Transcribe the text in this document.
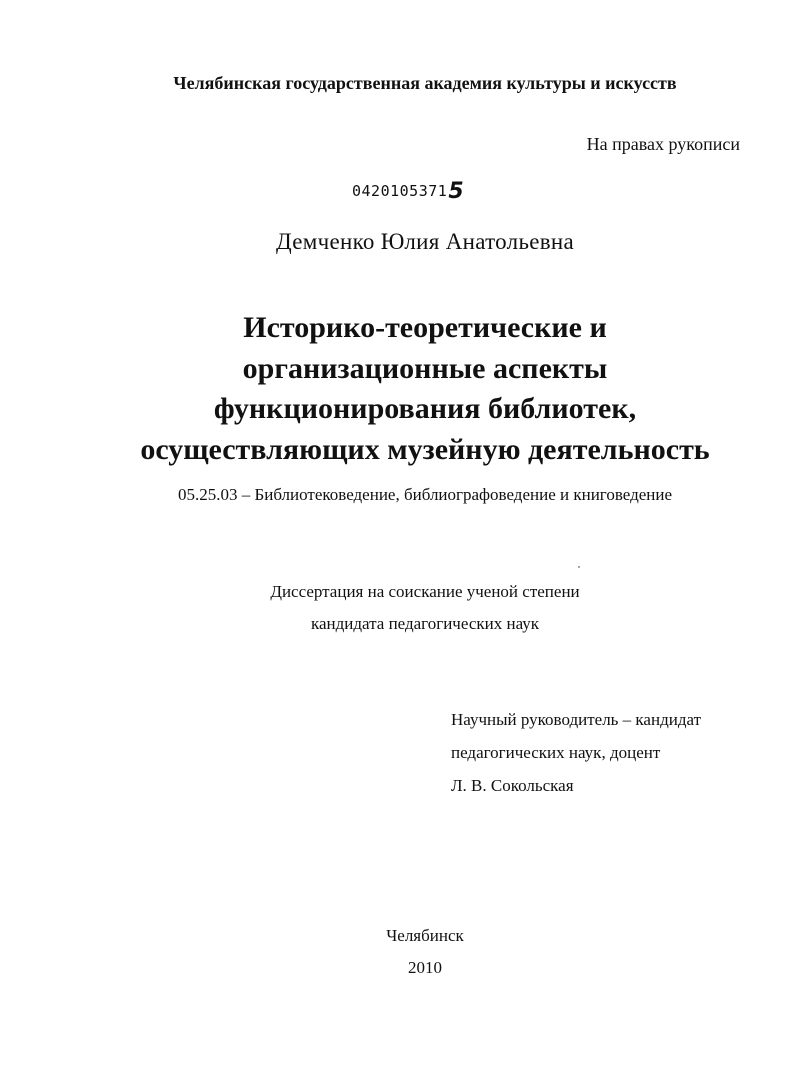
Челябинская государственная академия культуры и искусств
На правах рукописи
04201053715
Демченко Юлия Анатольевна
Историко-теоретические и
организационные аспекты
функционирования библиотек,
осуществляющих музейную деятельность
05.25.03 – Библиотековедение, библиографоведение и книговедение
Диссертация на соискание ученой степени
кандидата педагогических наук
Научный руководитель – кандидат
педагогических наук, доцент
Л. В. Сокольская
Челябинск
2010
